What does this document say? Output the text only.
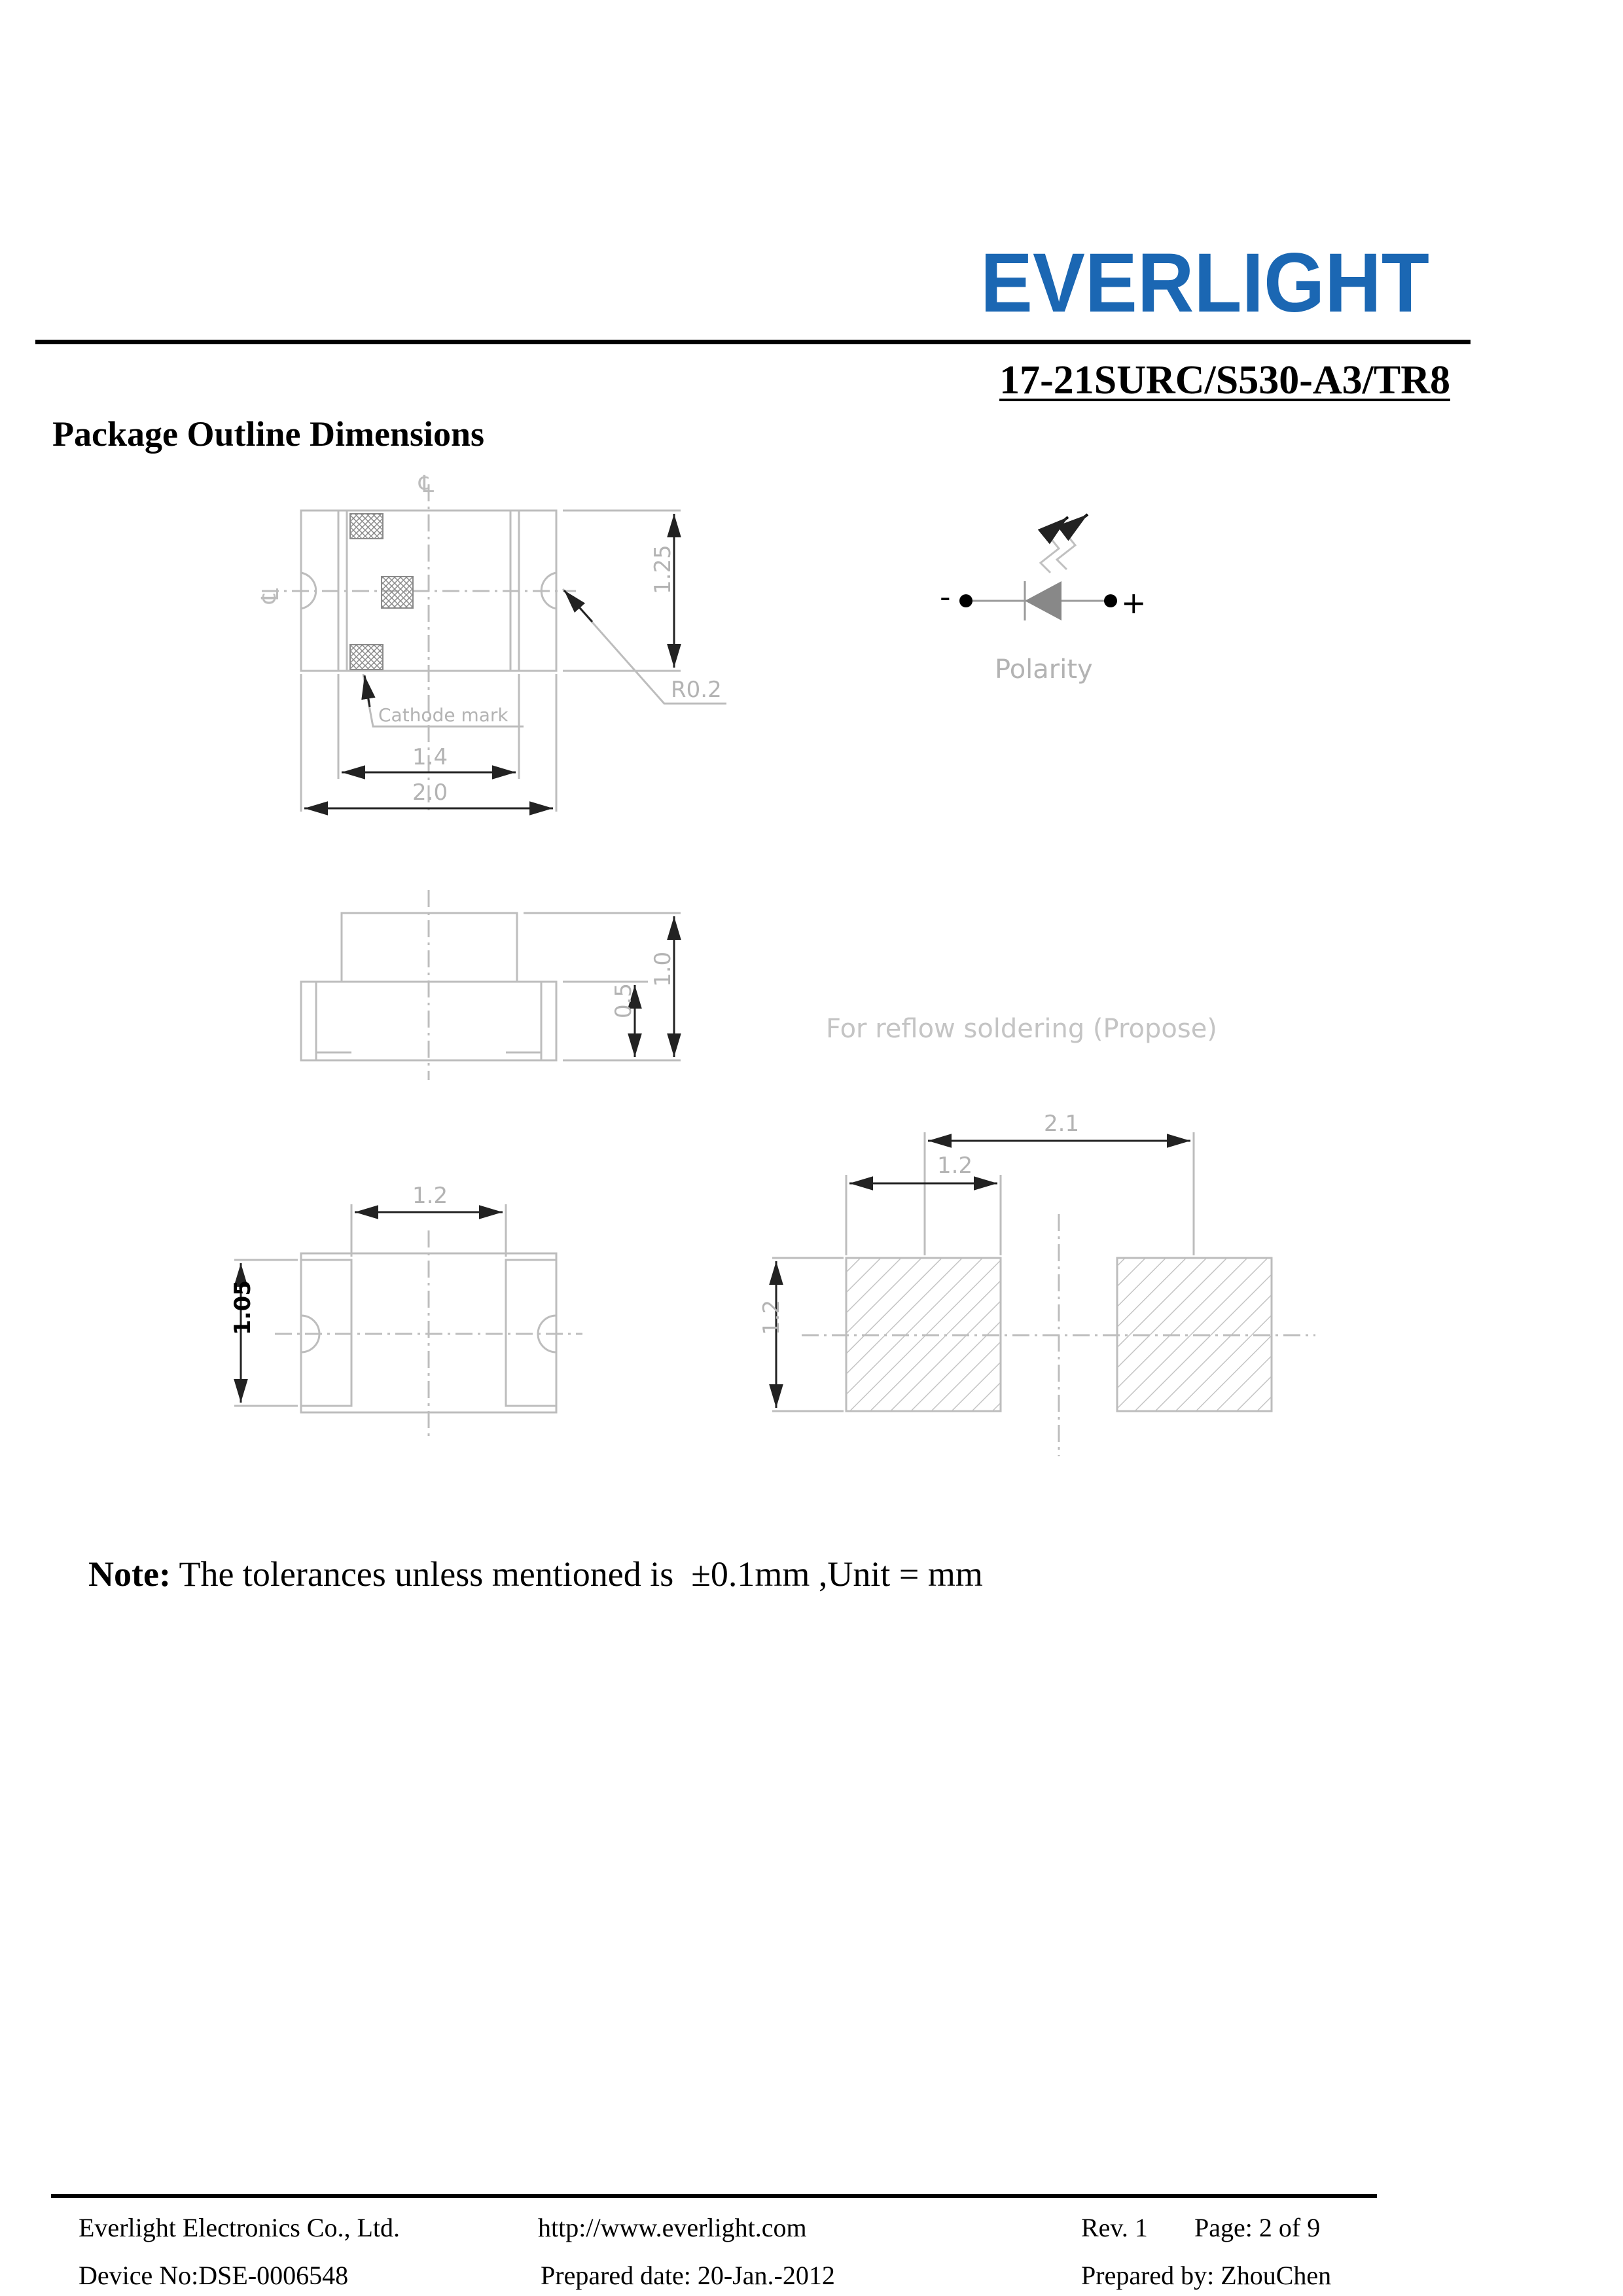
EVERLIGHT
17-21SURC/S530-A3/TR8
Package Outline Dimensions
℄
℄
1.25
R0.2
Cathode mark
1.4
2.0
-	+
Polarity
1.0
0.5
For reflow soldering (Propose)
1.2
1.05
2.1
1.2
1.2
Note: The tolerances unless mentioned is  ±0.1mm ,Unit = mm
Everlight Electronics Co., Ltd.	http://www.everlight.com	Rev. 1 Page: 2 of 9
Device No:DSE-0006548	Prepared date: 20-Jan.-2012	Prepared by: ZhouChen
